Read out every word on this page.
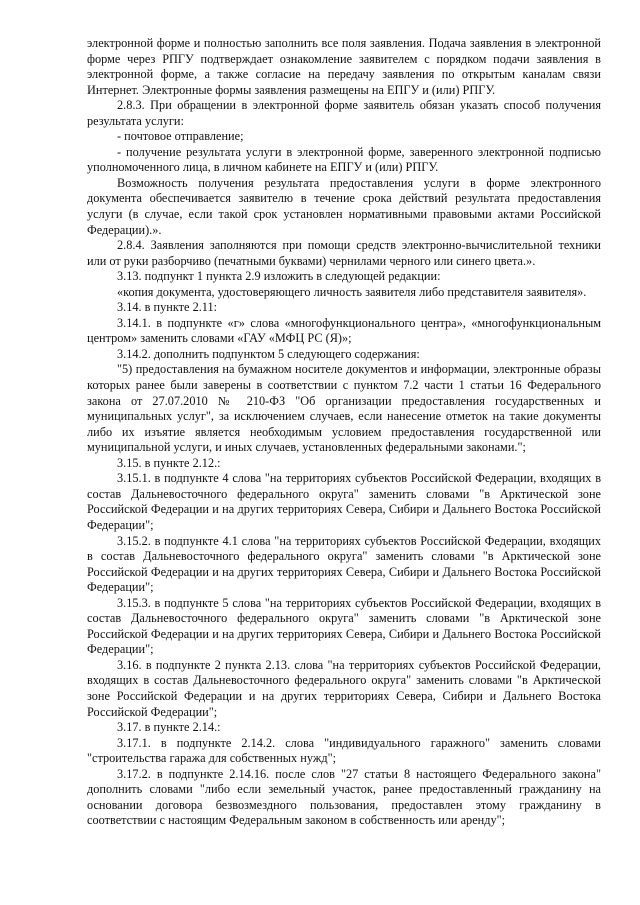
электронной форме и полностью заполнить все поля заявления. Подача заявления в электронной форме через РПГУ подтверждает ознакомление заявителем с порядком подачи заявления в электронной форме, а также согласие на передачу заявления по открытым каналам связи Интернет. Электронные формы заявления размещены на ЕПГУ и (или) РПГУ.

2.8.3. При обращении в электронной форме заявитель обязан указать способ получения результата услуги:

- почтовое отправление;

- получение результата услуги в электронной форме, заверенного электронной подписью уполномоченного лица, в личном кабинете на ЕПГУ и (или) РПГУ.

Возможность получения результата предоставления услуги в форме электронного документа обеспечивается заявителю в течение срока действий результата предоставления услуги (в случае, если такой срок установлен нормативными правовыми актами Российской Федерации).».

2.8.4. Заявления заполняются при помощи средств электронно-вычислительной техники или от руки разборчиво (печатными буквами) чернилами черного или синего цвета.».

3.13. подпункт 1 пункта 2.9 изложить в следующей редакции:

«копия документа, удостоверяющего личность заявителя либо представителя заявителя».

3.14. в пункте 2.11:

3.14.1. в подпункте «г» слова «многофункционального центра», «многофункциональным центром» заменить словами «ГАУ «МФЦ РС (Я)»;

3.14.2. дополнить подпунктом 5 следующего содержания:

"5) предоставления на бумажном носителе документов и информации, электронные образы которых ранее были заверены в соответствии с пунктом 7.2 части 1 статьи 16 Федерального закона от 27.07.2010 № 210-ФЗ "Об организации предоставления государственных и муниципальных услуг", за исключением случаев, если нанесение отметок на такие документы либо их изъятие является необходимым условием предоставления государственной или муниципальной услуги, и иных случаев, установленных федеральными законами.";

3.15. в пункте 2.12.:

3.15.1. в подпункте 4 слова "на территориях субъектов Российской Федерации, входящих в состав Дальневосточного федерального округа" заменить словами "в Арктической зоне Российской Федерации и на других территориях Севера, Сибири и Дальнего Востока Российской Федерации";

3.15.2. в подпункте 4.1 слова "на территориях субъектов Российской Федерации, входящих в состав Дальневосточного федерального округа" заменить словами "в Арктической зоне Российской Федерации и на других территориях Севера, Сибири и Дальнего Востока Российской Федерации";

3.15.3. в подпункте 5 слова "на территориях субъектов Российской Федерации, входящих в состав Дальневосточного федерального округа" заменить словами "в Арктической зоне Российской Федерации и на других территориях Севера, Сибири и Дальнего Востока Российской Федерации";

3.16. в подпункте 2 пункта 2.13. слова "на территориях субъектов Российской Федерации, входящих в состав Дальневосточного федерального округа" заменить словами "в Арктической зоне Российской Федерации и на других территориях Севера, Сибири и Дальнего Востока Российской Федерации";

3.17. в пункте 2.14.:

3.17.1. в подпункте 2.14.2. слова "индивидуального гаражного" заменить словами "строительства гаража для собственных нужд";

3.17.2. в подпункте 2.14.16. после слов "27 статьи 8 настоящего Федерального закона" дополнить словами "либо если земельный участок, ранее предоставленный гражданину на основании договора безвозмездного пользования, предоставлен этому гражданину в соответствии с настоящим Федеральным законом в собственность или аренду";
